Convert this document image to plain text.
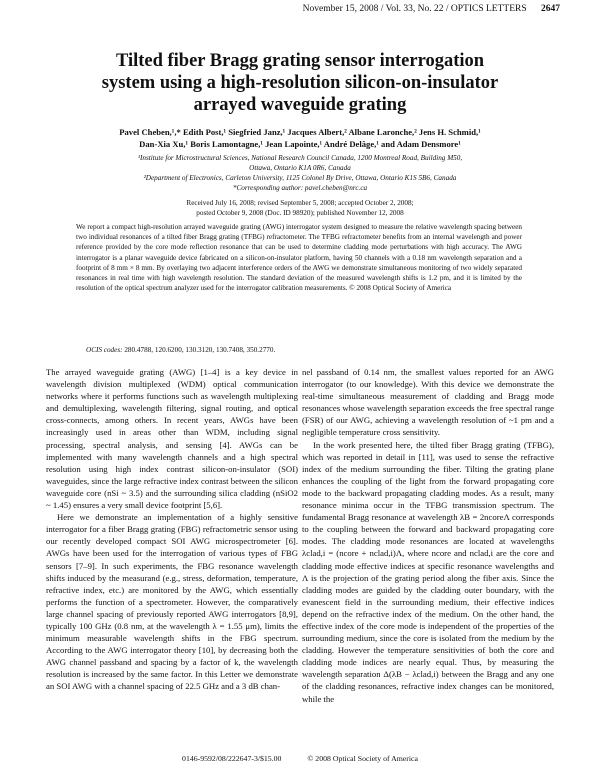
November 15, 2008 / Vol. 33, No. 22 / OPTICS LETTERS 2647
Tilted fiber Bragg grating sensor interrogation
system using a high-resolution silicon-on-insulator
arrayed waveguide grating
Pavel Cheben,¹,* Edith Post,¹ Siegfried Janz,¹ Jacques Albert,² Albane Laronche,² Jens H. Schmid,¹
Dan-Xia Xu,¹ Boris Lamontagne,¹ Jean Lapointe,¹ André Delâge,¹ and Adam Densmore¹
¹Institute for Microstructural Sciences, National Research Council Canada, 1200 Montreal Road, Building M50,
Ottawa, Ontario K1A 0R6, Canada
²Department of Electronics, Carleton University, 1125 Colonel By Drive, Ottawa, Ontario K1S 5B6, Canada
*Corresponding author: pavel.cheben@nrc.ca
Received July 16, 2008; revised September 5, 2008; accepted October 2, 2008;
posted October 9, 2008 (Doc. ID 98920); published November 12, 2008
We report a compact high-resolution arrayed waveguide grating (AWG) interrogator system designed to measure the relative wavelength spacing between two individual resonances of a tilted fiber Bragg grating (TFBG) refractometer. The TFBG refractometer benefits from an internal wavelength and power reference provided by the core mode reflection resonance that can be used to determine cladding mode perturbations with high accuracy. The AWG interrogator is a planar waveguide device fabricated on a silicon-on-insulator platform, having 50 channels with a 0.18 nm wavelength separation and a footprint of 8 mm × 8 mm. By overlaying two adjacent interference orders of the AWG we demonstrate simultaneous monitoring of two widely separated resonances in real time with high wavelength resolution. The standard deviation of the measured wavelength shifts is 1.2 pm, and it is limited by the resolution of the optical spectrum analyzer used for the interrogator calibration measurements. © 2008 Optical Society of America
OCIS codes: 280.4788, 120.6200, 130.3120, 130.7408, 350.2770.

The arrayed waveguide grating (AWG) [1–4] is a key device in wavelength division multiplexed (WDM) optical communication networks where it performs functions such as wavelength multiplexing and demultiplexing, wavelength filtering, signal routing, and optical cross-connects, among others. In recent years, AWGs have been increasingly used in areas other than WDM, including signal processing, spectral analysis, and sensing [4]. AWGs can be implemented with many wavelength channels and a high spectral resolution using high index contrast silicon-on-insulator (SOI) waveguides, since the large refractive index contrast between the silicon waveguide core (nSi ~ 3.5) and the surrounding silica cladding (nSiO2 ~ 1.45) ensures a very small device footprint [5,6].

Here we demonstrate an implementation of a highly sensitive interrogator for a fiber Bragg grating (FBG) refractometric sensor using our recently developed compact SOI AWG microspectrometer [6]. AWGs have been used for the interrogation of various types of FBG sensors [7–9]. In such experiments, the FBG resonance wavelength shifts induced by the measurand (e.g., stress, deformation, temperature, refractive index, etc.) are monitored by the AWG, which essentially performs the function of a spectrometer. However, the comparatively large channel spacing of previously reported AWG interrogators [8,9], typically 100 GHz (0.8 nm, at the wavelength λ = 1.55 μm), limits the minimum measurable wavelength shifts in the FBG spectrum. According to the AWG interrogator theory [10], by decreasing both the AWG channel passband and spacing by a factor of k, the wavelength resolution is increased by the same factor. In this Letter we demonstrate an SOI AWG with a channel spacing of 22.5 GHz and a 3 dB chan-

nel passband of 0.14 nm, the smallest values reported for an AWG interrogator (to our knowledge). With this device we demonstrate the real-time simultaneous measurement of cladding and Bragg mode resonances whose wavelength separation exceeds the free spectral range (FSR) of our AWG, achieving a wavelength resolution of ~1 pm and a negligible temperature cross sensitivity.

In the work presented here, the tilted fiber Bragg grating (TFBG), which was reported in detail in [11], was used to sense the refractive index of the medium surrounding the fiber. Tilting the grating plane enhances the coupling of the light from the forward propagating core mode to the backward propagating cladding modes. As a result, many resonance minima occur in the TFBG transmission spectrum. The fundamental Bragg resonance at wavelength λB = 2ncoreΛ corresponds to the coupling between the forward and backward propagating core modes. The cladding mode resonances are located at wavelengths λclad,i = (ncore + nclad,i)Λ, where ncore and nclad,i are the core and cladding mode effective indices at specific resonance wavelengths and Λ is the projection of the grating period along the fiber axis. Since the cladding modes are guided by the cladding outer boundary, with the evanescent field in the surrounding medium, their effective indices depend on the refractive index of the medium. On the other hand, the effective index of the core mode is independent of the properties of the surrounding medium, since the core is isolated from the medium by the cladding. However the temperature sensitivities of both the core and cladding mode indices are nearly equal. Thus, by measuring the wavelength separation Δ(λB − λclad,i) between the Bragg and any one of the cladding resonances, refractive index changes can be monitored, while the

0146-9592/08/222647-3/$15.00	© 2008 Optical Society of America
